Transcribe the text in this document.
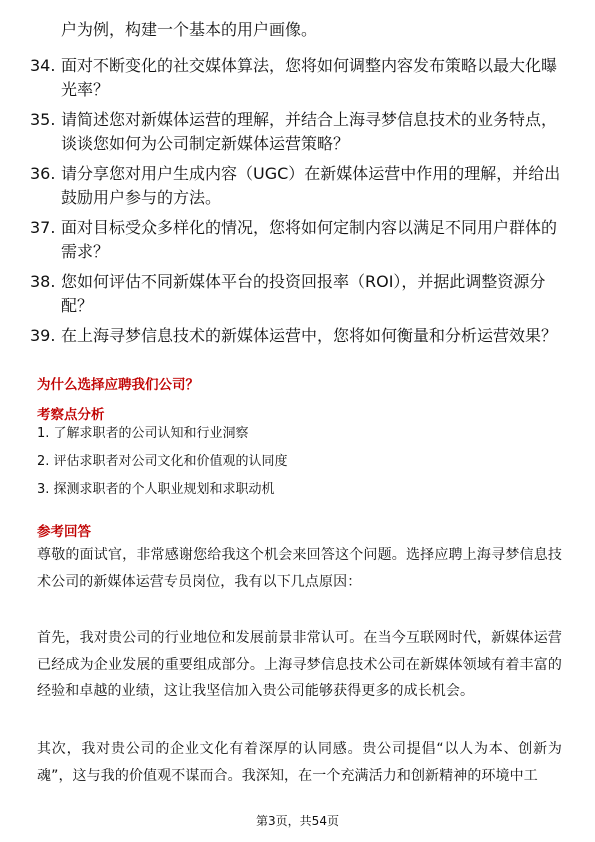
户为例，构建一个基本的用户画像。
34. 面对不断变化的社交媒体算法，您将如何调整内容发布策略以最大化曝光率？
35. 请简述您对新媒体运营的理解，并结合上海寻梦信息技术的业务特点，谈谈您如何为公司制定新媒体运营策略？
36. 请分享您对用户生成内容（UGC）在新媒体运营中作用的理解，并给出鼓励用户参与的方法。
37. 面对目标受众多样化的情况，您将如何定制内容以满足不同用户群体的需求？
38. 您如何评估不同新媒体平台的投资回报率（ROI），并据此调整资源分配？
39. 在上海寻梦信息技术的新媒体运营中，您将如何衡量和分析运营效果？
为什么选择应聘我们公司？
考察点分析
1. 了解求职者的公司认知和行业洞察
2. 评估求职者对公司文化和价值观的认同度
3. 探测求职者的个人职业规划和求职动机
参考回答

尊敬的面试官，非常感谢您给我这个机会来回答这个问题。选择应聘上海寻梦信息技术公司的新媒体运营专员岗位，我有以下几点原因：

首先，我对贵公司的行业地位和发展前景非常认可。在当今互联网时代，新媒体运营已经成为企业发展的重要组成部分。上海寻梦信息技术公司在新媒体领域有着丰富的经验和卓越的业绩，这让我坚信加入贵公司能够获得更多的成长机会。

其次，我对贵公司的企业文化有着深厚的认同感。贵公司提倡“以人为本、创新为魂”，这与我的价值观不谋而合。我深知，在一个充满活力和创新精神的环境中工

第3页，共54页
